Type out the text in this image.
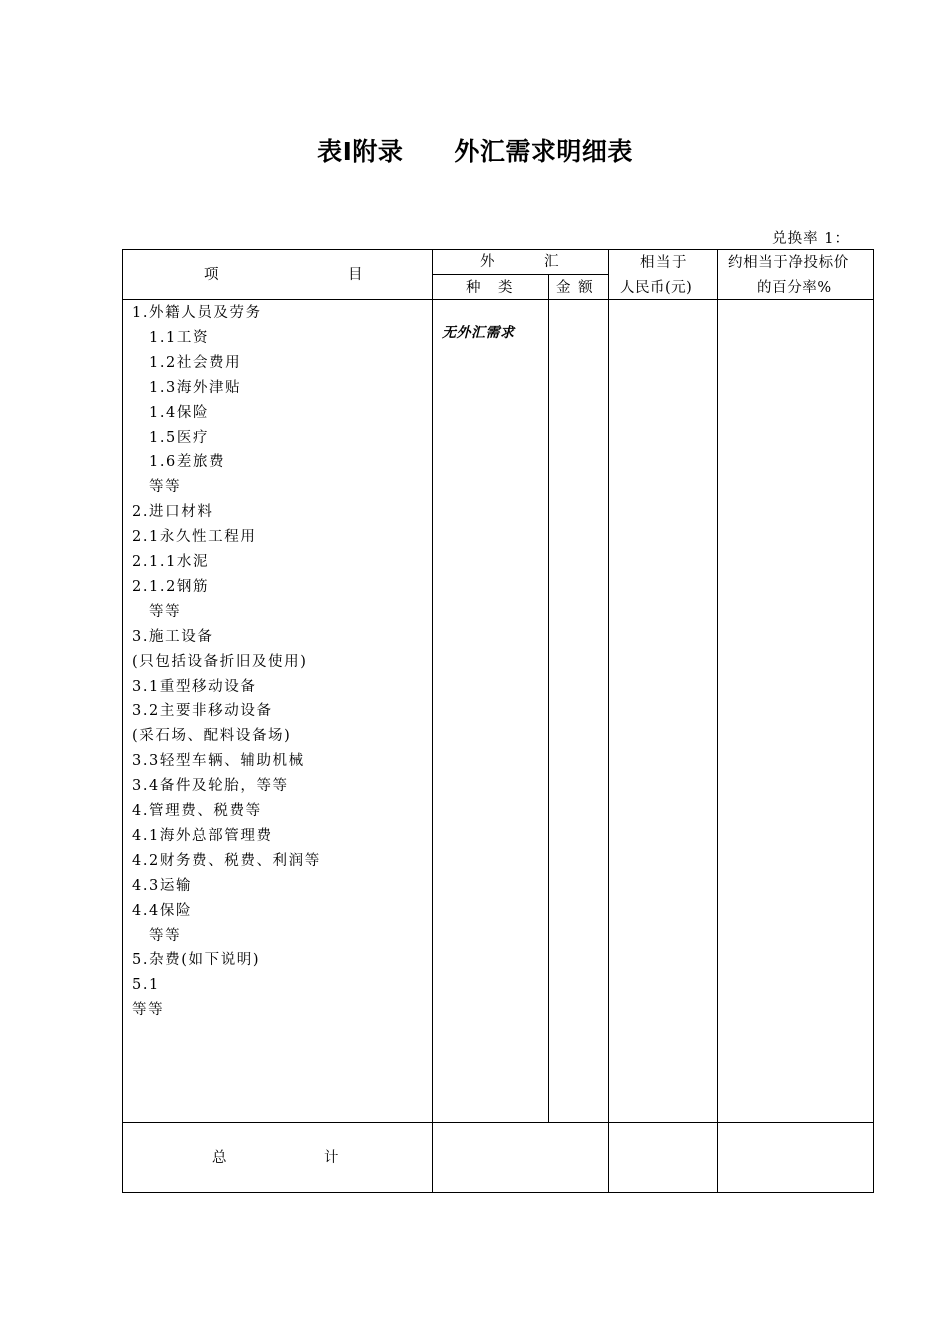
表Ⅰ附录　　外汇需求明细表
兑换率 1：
项　　　　　　　　目
外　　　汇
种　类	金 额
相当于
人民币(元)
约相当于净投标价
的百分率%
无外汇需求
1.外籍人员及劳务
1.1工资
1.2社会费用
1.3海外津贴
1.4保险
1.5医疗
1.6差旅费
等等
2.进口材料
2.1永久性工程用
2.1.1水泥
2.1.2钢筋
等等
3.施工设备
(只包括设备折旧及使用)
3.1重型移动设备
3.2主要非移动设备
(采石场、配料设备场)
3.3轻型车辆、辅助机械
3.4备件及轮胎，等等
4.管理费、税费等
4.1海外总部管理费
4.2财务费、税费、利润等
4.3运输
4.4保险
等等
5.杂费(如下说明)
5.1
等等
总　　　　　　计
